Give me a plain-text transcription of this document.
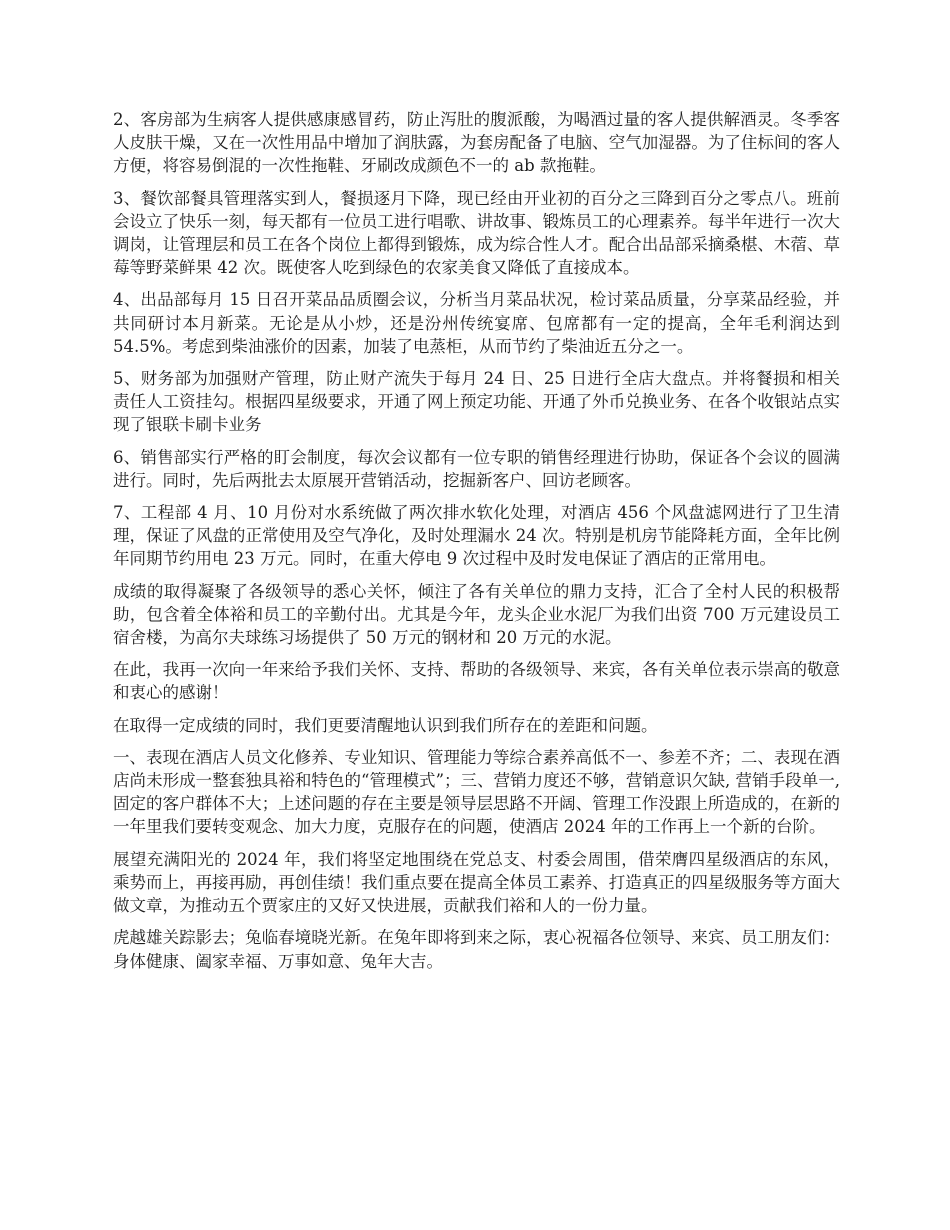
2、客房部为生病客人提供感康感冒药，防止泻肚的腹派酸，为喝酒过量的客人提供解酒灵。冬季客人皮肤干燥，又在一次性用品中增加了润肤露，为套房配备了电脑、空气加湿器。为了住标间的客人方便，将容易倒混的一次性拖鞋、牙刷改成颜色不一的 ab 款拖鞋。

3、餐饮部餐具管理落实到人，餐损逐月下降，现已经由开业初的百分之三降到百分之零点八。班前会设立了快乐一刻，每天都有一位员工进行唱歌、讲故事、锻炼员工的心理素养。每半年进行一次大调岗，让管理层和员工在各个岗位上都得到锻炼，成为综合性人才。配合出品部采摘桑椹、木蓿、草莓等野菜鲜果 42 次。既使客人吃到绿色的农家美食又降低了直接成本。

4、出品部每月 15 日召开菜品品质圈会议，分析当月菜品状况，检讨菜品质量，分享菜品经验，并共同研讨本月新菜。无论是从小炒，还是汾州传统宴席、包席都有一定的提高，全年毛利润达到 54.5%。考虑到柴油涨价的因素，加装了电蒸柜，从而节约了柴油近五分之一。

5、财务部为加强财产管理，防止财产流失于每月 24 日、25 日进行全店大盘点。并将餐损和相关责任人工资挂勾。根据四星级要求，开通了网上预定功能、开通了外币兑换业务、在各个收银站点实现了银联卡刷卡业务

6、销售部实行严格的盯会制度，每次会议都有一位专职的销售经理进行协助，保证各个会议的圆满进行。同时，先后两批去太原展开营销活动，挖掘新客户、回访老顾客。

7、工程部 4 月、10 月份对水系统做了两次排水软化处理，对酒店 456 个风盘滤网进行了卫生清理，保证了风盘的正常使用及空气净化，及时处理漏水 24 次。特别是机房节能降耗方面，全年比例年同期节约用电 23 万元。同时，在重大停电 9 次过程中及时发电保证了酒店的正常用电。

成绩的取得凝聚了各级领导的悉心关怀，倾注了各有关单位的鼎力支持，汇合了全村人民的积极帮助，包含着全体裕和员工的辛勤付出。尤其是今年，龙头企业水泥厂为我们出资 700 万元建设员工宿舍楼，为高尔夫球练习场提供了 50 万元的钢材和 20 万元的水泥。

在此，我再一次向一年来给予我们关怀、支持、帮助的各级领导、来宾，各有关单位表示崇高的敬意和衷心的感谢！

在取得一定成绩的同时，我们更要清醒地认识到我们所存在的差距和问题。

一、表现在酒店人员文化修养、专业知识、管理能力等综合素养高低不一、参差不齐；二、表现在酒店尚未形成一整套独具裕和特色的“管理模式”；三、营销力度还不够，营销意识欠缺, 营销手段单一,固定的客户群体不大；上述问题的存在主要是领导层思路不开阔、管理工作没跟上所造成的，在新的一年里我们要转变观念、加大力度，克服存在的问题，使酒店 2024 年的工作再上一个新的台阶。

展望充满阳光的 2024 年，我们将坚定地围绕在党总支、村委会周围，借荣膺四星级酒店的东风，乘势而上，再接再励，再创佳绩！我们重点要在提高全体员工素养、打造真正的四星级服务等方面大做文章，为推动五个贾家庄的又好又快进展，贡献我们裕和人的一份力量。

虎越雄关踪影去；兔临春境晓光新。在兔年即将到来之际，衷心祝福各位领导、来宾、员工朋友们：身体健康、阖家幸福、万事如意、兔年大吉。
